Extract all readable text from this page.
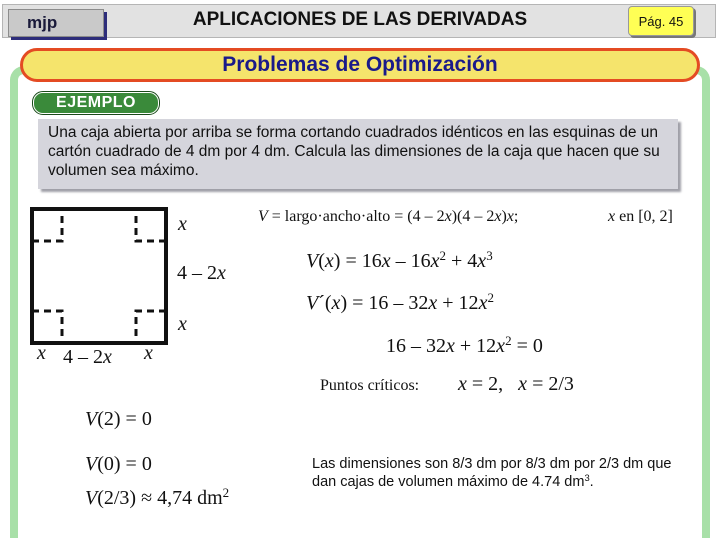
mjp	APLICACIONES DE LAS DERIVADAS	Pág. 45
Problemas de Optimización
EJEMPLO
Una caja abierta por arriba se forma cortando cuadrados idénticos en las esquinas de un cartón cuadrado de 4 dm por 4 dm. Calcula las dimensiones de la caja que hacen que su volumen sea máximo.
x
4 – 2x
x
x 4 – 2x x
V = largo·ancho·alto = (4 – 2x)(4 – 2x)x;	x en [0, 2]
$V(x) = 16x - 16x^2 + 4x^3$
V´(x) = $16 - 32x + 12x^2$
$16 - 32x + 12x^2 = 0$
Puntos críticos: x = 2,   x = 2/3
V(2) = 0
V(0) = 0
V(2/3) ≈ 4,74 $dm^2$
Las dimensiones son 8/3 dm por 8/3 dm por 2/3 dm que dan cajas de volumen máximo de 4.74 $dm^3$.
